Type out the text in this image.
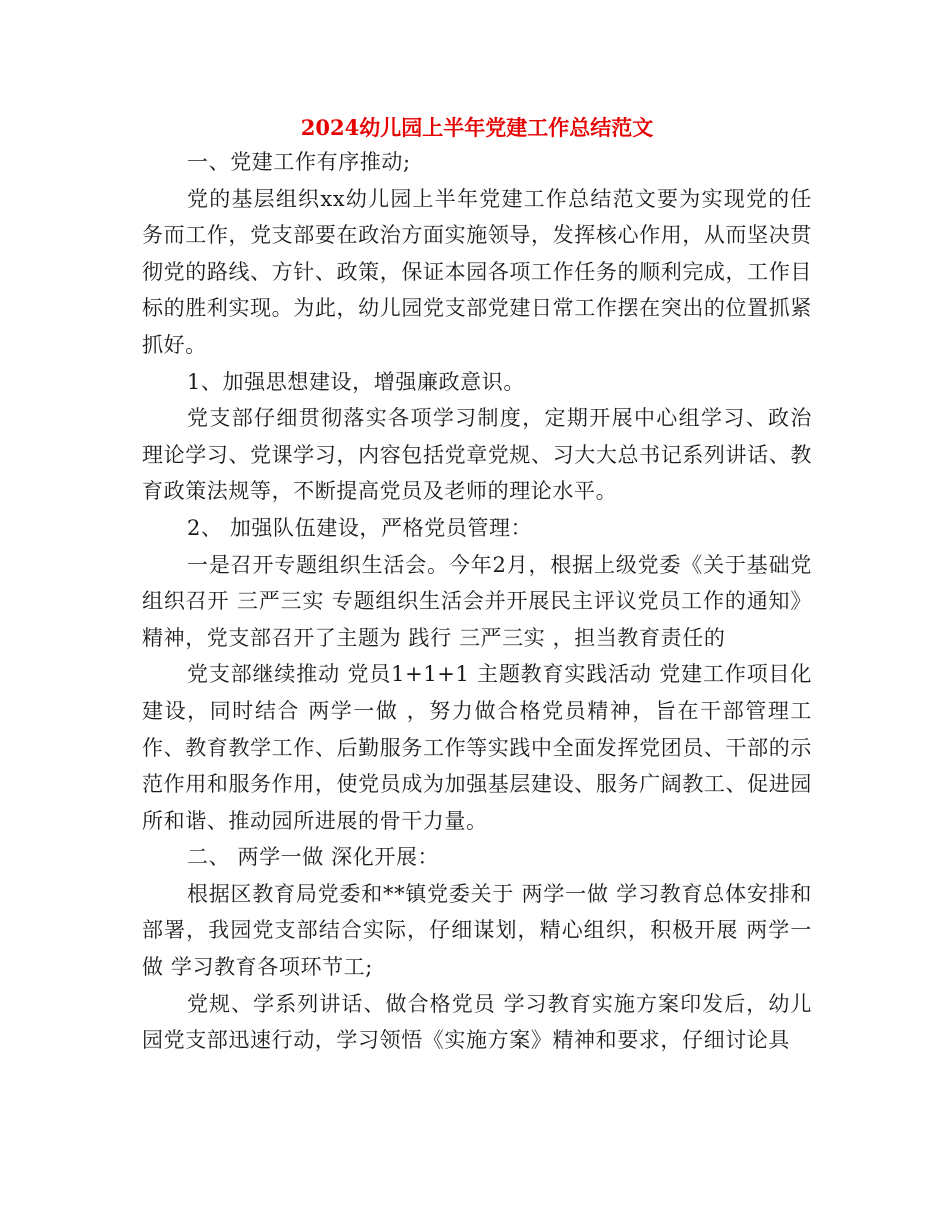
2024幼儿园上半年党建工作总结范文

一、党建工作有序推动;

党的基层组织xx幼儿园上半年党建工作总结范文要为实现党的任务而工作，党支部要在政治方面实施领导，发挥核心作用，从而坚决贯彻党的路线、方针、政策，保证本园各项工作任务的顺利完成，工作目标的胜利实现。为此，幼儿园党支部党建日常工作摆在突出的位置抓紧抓好。

1、加强思想建设，增强廉政意识。

党支部仔细贯彻落实各项学习制度，定期开展中心组学习、政治理论学习、党课学习，内容包括党章党规、习大大总书记系列讲话、教育政策法规等，不断提高党员及老师的理论水平。

2、 加强队伍建设，严格党员管理：

一是召开专题组织生活会。今年2月，根据上级党委《关于基础党组织召开 三严三实 专题组织生活会并开展民主评议党员工作的通知》精神，党支部召开了主题为 践行 三严三实 ，担当教育责任的

党支部继续推动 党员1+1+1 主题教育实践活动 党建工作项目化建设，同时结合 两学一做 ，努力做合格党员精神，旨在干部管理工作、教育教学工作、后勤服务工作等实践中全面发挥党团员、干部的示范作用和服务作用，使党员成为加强基层建设、服务广阔教工、促进园所和谐、推动园所进展的骨干力量。

二、 两学一做 深化开展：

根据区教育局党委和**镇党委关于 两学一做 学习教育总体安排和部署，我园党支部结合实际，仔细谋划，精心组织，积极开展 两学一做 学习教育各项环节工;

党规、学系列讲话、做合格党员 学习教育实施方案印发后，幼儿园党支部迅速行动，学习领悟《实施方案》精神和要求，仔细讨论具
